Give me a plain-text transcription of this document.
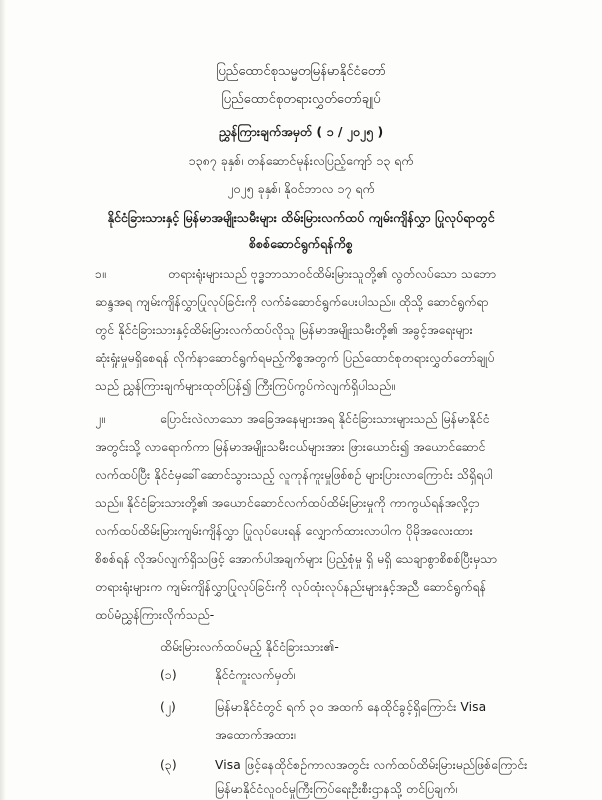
ပြည်ထောင်စုသမ္မတမြန်မာနိုင်ငံတော်
ပြည်ထောင်စုတရားလွှတ်တော်ချုပ်
ညွှန်ကြားချက်အမှတ် ( ၁ / ၂၀၂၅ )
၁၃၈၇ ခုနှစ်၊ တန်ဆောင်မုန်းလပြည့်ကျော် ၁၃ ရက်
၂၀၂၅ ခုနှစ်၊ နိုဝင်ဘာလ ၁၇ ရက်
နိုင်ငံခြားသားနှင့် မြန်မာအမျိုးသမီးများ ထိမ်းမြားလက်ထပ် ကျမ်းကျိန်လွှာ ပြုလုပ်ရာတွင်
စိစစ်ဆောင်ရွက်ရန်ကိစ္စ
၁။	တရားရုံးများသည် ဗုဒ္ဓဘာသာဝင်ထိမ်းမြားသူတို့၏ လွတ်လပ်သော သဘော
ဆန္ဒအရ ကျမ်းကျိန်လွှာပြုလုပ်ခြင်းကို လက်ခံဆောင်ရွက်ပေးပါသည်။ ထိုသို့ ဆောင်ရွက်ရာ
တွင် နိုင်ငံခြားသားနှင့်ထိမ်းမြားလက်ထပ်လိုသူ မြန်မာအမျိုးသမီးတို့၏ အခွင့်အရေးများ
ဆုံးရှုံးမှုမရှိစေရန် လိုက်နာဆောင်ရွက်ရမည့်ကိစ္စအတွက် ပြည်ထောင်စုတရားလွှတ်တော်ချုပ်
သည် ညွှန်ကြားချက်များထုတ်ပြန်၍ ကြီးကြပ်ကွပ်ကဲလျက်ရှိပါသည်။
၂။	ပြောင်းလဲလာသော အခြေအနေများအရ နိုင်ငံခြားသားများသည် မြန်မာနိုင်ငံ
အတွင်းသို့ လာရောက်ကာ မြန်မာအမျိုးသမီးငယ်များအား ဖြားယောင်း၍ အယောင်ဆောင်
လက်ထပ်ပြီး နိုင်ငံမှခေါ်ဆောင်သွားသည့် လူကုန်ကူးမှုဖြစ်စဉ် များပြားလာကြောင်း သိရှိရပါ
သည်။ နိုင်ငံခြားသားတို့၏ အယောင်ဆောင်လက်ထပ်ထိမ်းမြားမှုကို ကာကွယ်ရန်အလို့ငှာ
လက်ထပ်ထိမ်းမြားကျမ်းကျိန်လွှာ ပြုလုပ်ပေးရန် လျှောက်ထားလာပါက ပိုမိုအလေးထား
စိစစ်ရန် လိုအပ်လျက်ရှိသဖြင့် အောက်ပါအချက်များ ပြည့်စုံမှု ရှိ မရှိ သေချာစွာစိစစ်ပြီးမှသာ
တရားရုံးများက ကျမ်းကျိန်လွှာပြုလုပ်ခြင်းကို လုပ်ထုံးလုပ်နည်းများနှင့်အညီ ဆောင်ရွက်ရန်
ထပ်မံညွှန်ကြားလိုက်သည်-
ထိမ်းမြားလက်ထပ်မည့် နိုင်ငံခြားသား၏-
(၁)	နိုင်ငံကူးလက်မှတ်၊
(၂)	မြန်မာနိုင်ငံတွင် ရက် ၃၀ အထက် နေထိုင်ခွင့်ရှိကြောင်း Visa
အထောက်အထား၊
(၃)	Visa ဖြင့်နေထိုင်စဉ်ကာလအတွင်း လက်ထပ်ထိမ်းမြားမည်ဖြစ်ကြောင်း
မြန်မာနိုင်ငံလူဝင်မှုကြီးကြပ်ရေးဦးစီးဌာနသို့ တင်ပြချက်၊
